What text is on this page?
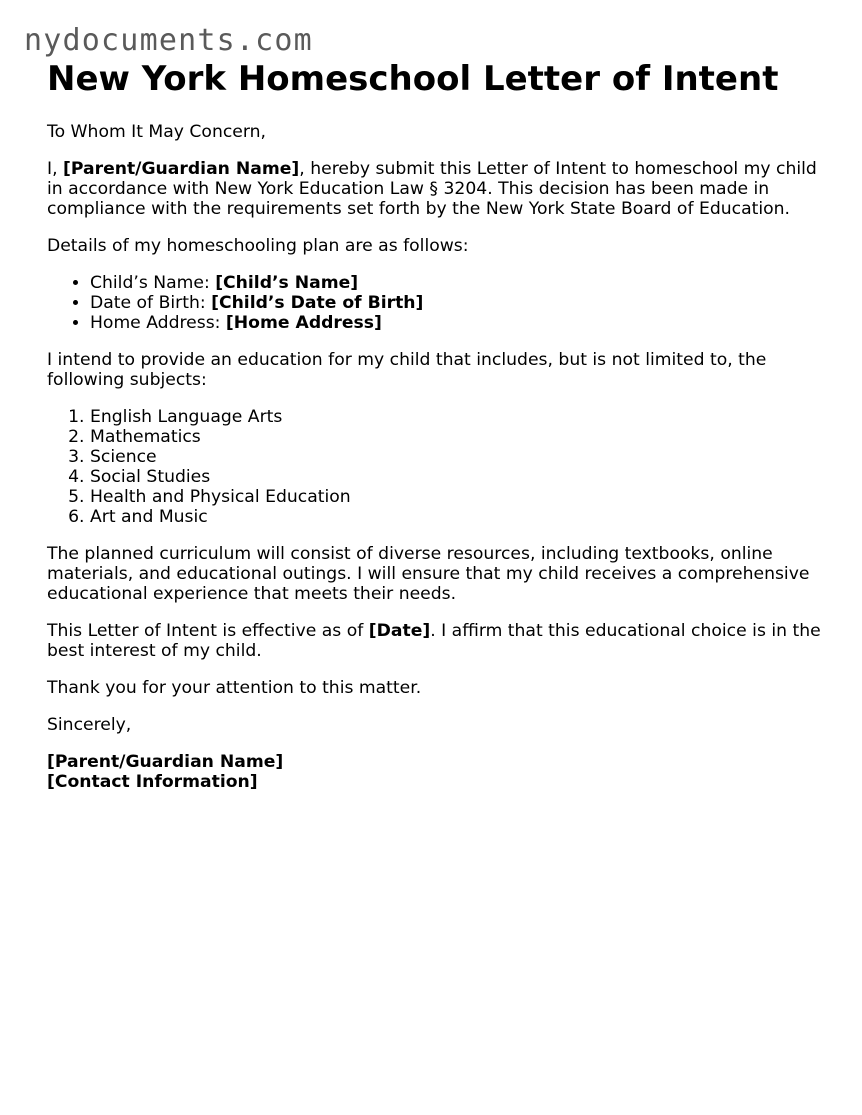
nydocuments.com
New York Homeschool Letter of Intent

To Whom It May Concern,

I, [Parent/Guardian Name], hereby submit this Letter of Intent to homeschool my child in accordance with New York Education Law § 3204. This decision has been made in compliance with the requirements set forth by the New York State Board of Education.

Details of my homeschooling plan are as follows:

• Child’s Name: [Child’s Name]
• Date of Birth: [Child’s Date of Birth]
• Home Address: [Home Address]

I intend to provide an education for my child that includes, but is not limited to, the following subjects:

1. English Language Arts
2. Mathematics
3. Science
4. Social Studies
5. Health and Physical Education
6. Art and Music

The planned curriculum will consist of diverse resources, including textbooks, online materials, and educational outings. I will ensure that my child receives a comprehensive educational experience that meets their needs.

This Letter of Intent is effective as of [Date]. I affirm that this educational choice is in the best interest of my child.

Thank you for your attention to this matter.

Sincerely,

[Parent/Guardian Name]

[Contact Information]
